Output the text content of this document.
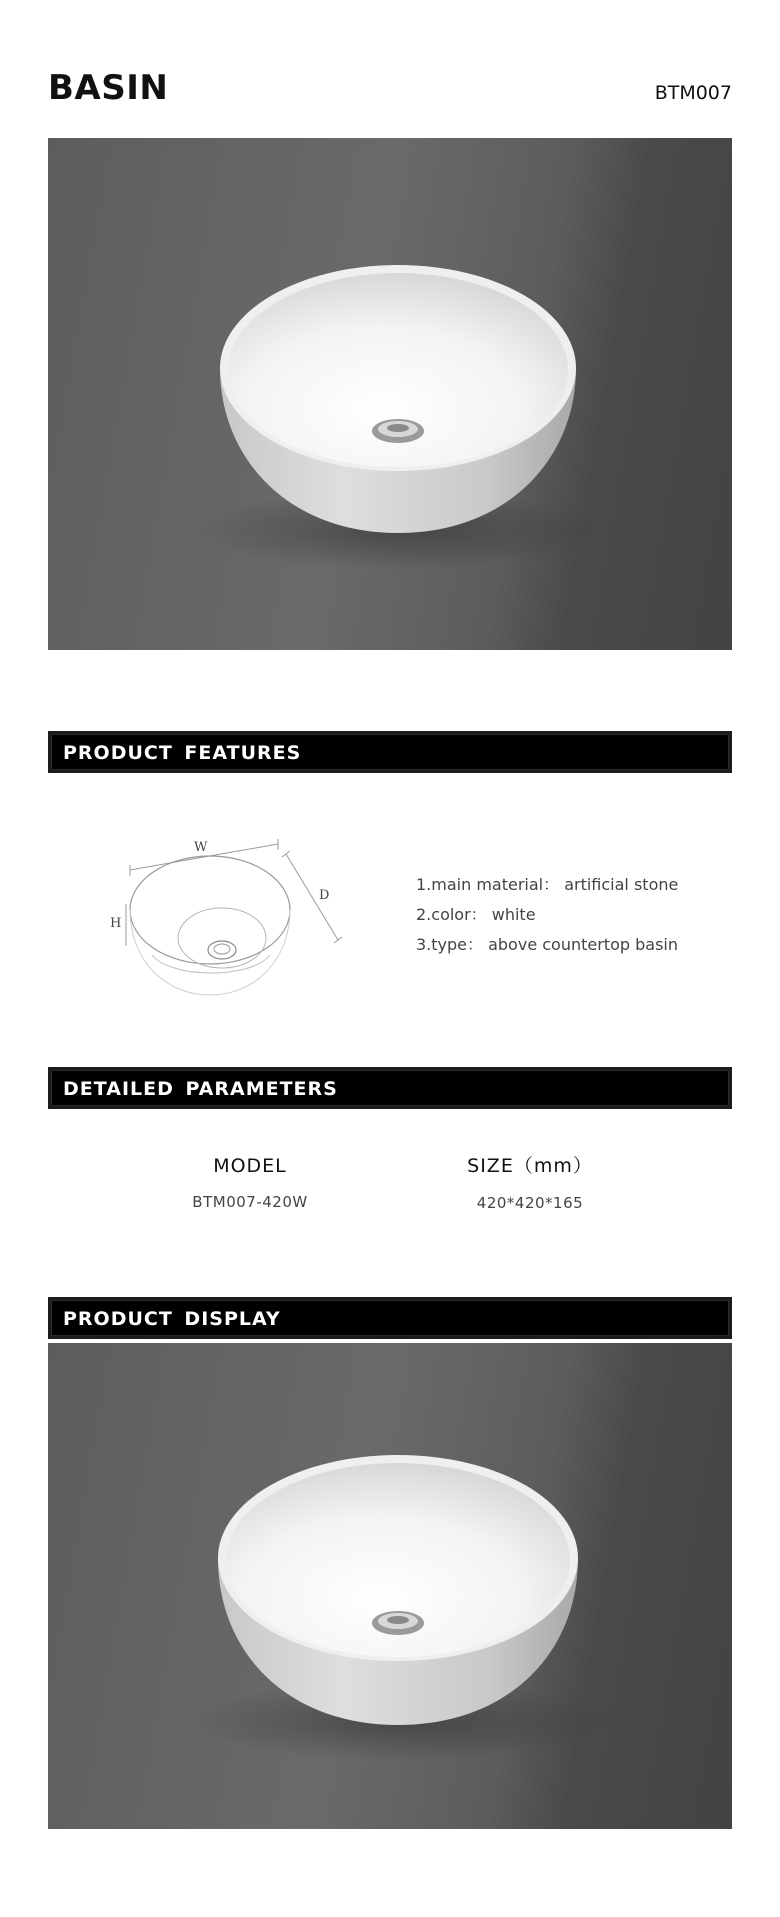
BASIN	BTM007
PRODUCT FEATURES
W
D
H
1.main material： artificial stone
2.color： white
3.type： above countertop basin
DETAILED PARAMETERS
MODEL
BTM007-420W
SIZE（mm）
420*420*165
PRODUCT DISPLAY
